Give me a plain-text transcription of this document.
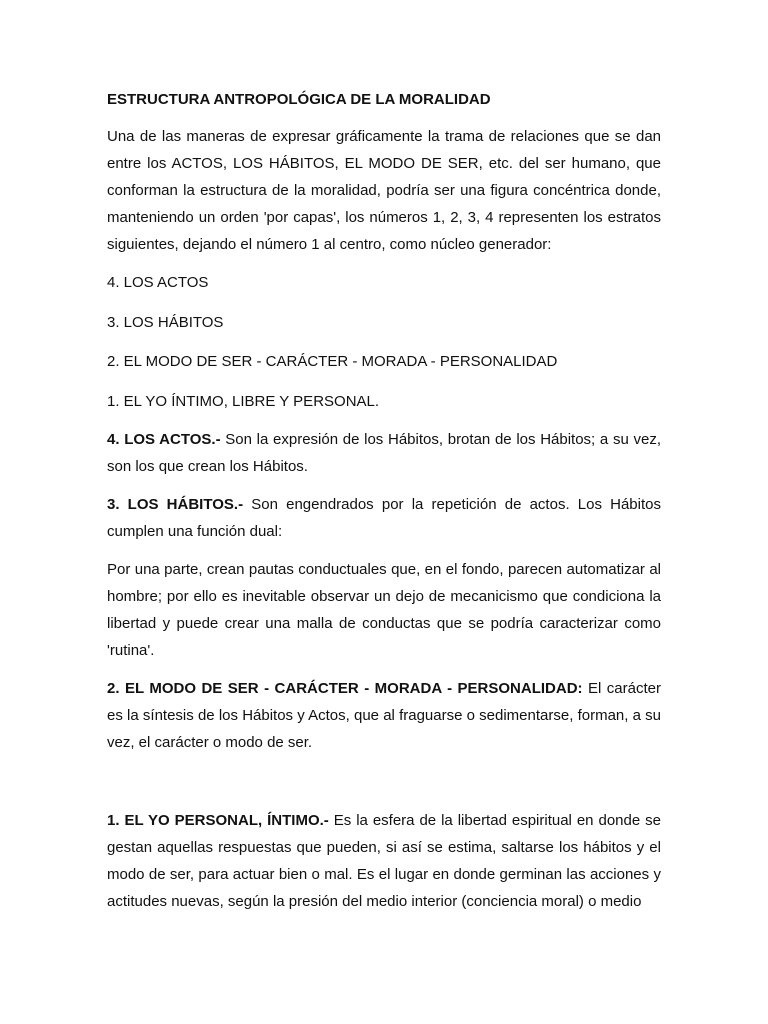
ESTRUCTURA ANTROPOLÓGICA DE LA MORALIDAD

Una de las maneras de expresar gráficamente la trama de relaciones que se dan entre los ACTOS, LOS HÁBITOS, EL MODO DE SER, etc. del ser humano, que conforman la estructura de la moralidad, podría ser una figura concéntrica donde, manteniendo un orden 'por capas', los números 1, 2, 3, 4 representen los estratos siguientes, dejando el número 1 al centro, como núcleo generador:

4. LOS ACTOS

3. LOS HÁBITOS

2. EL MODO DE SER - CARÁCTER - MORADA - PERSONALIDAD

1. EL YO ÍNTIMO, LIBRE Y PERSONAL.

4. LOS ACTOS.- Son la expresión de los Hábitos, brotan de los Hábitos; a su vez, son los que crean los Hábitos.

3. LOS HÁBITOS.- Son engendrados por la repetición de actos. Los Hábitos cumplen una función dual:

Por una parte, crean pautas conductuales que, en el fondo, parecen automatizar al hombre; por ello es inevitable observar un dejo de mecanicismo que condiciona la libertad y puede crear una malla de conductas que se podría caracterizar como 'rutina'.

2. EL MODO DE SER - CARÁCTER - MORADA - PERSONALIDAD: El carácter es la síntesis de los Hábitos y Actos, que al fraguarse o sedimentarse, forman, a su vez, el carácter o modo de ser.

1. EL YO PERSONAL, ÍNTIMO.- Es la esfera de la libertad espiritual en donde se gestan aquellas respuestas que pueden, si así se estima, saltarse los hábitos y el modo de ser, para actuar bien o mal. Es el lugar en donde germinan las acciones y actitudes nuevas, según la presión del medio interior (conciencia moral) o medio
